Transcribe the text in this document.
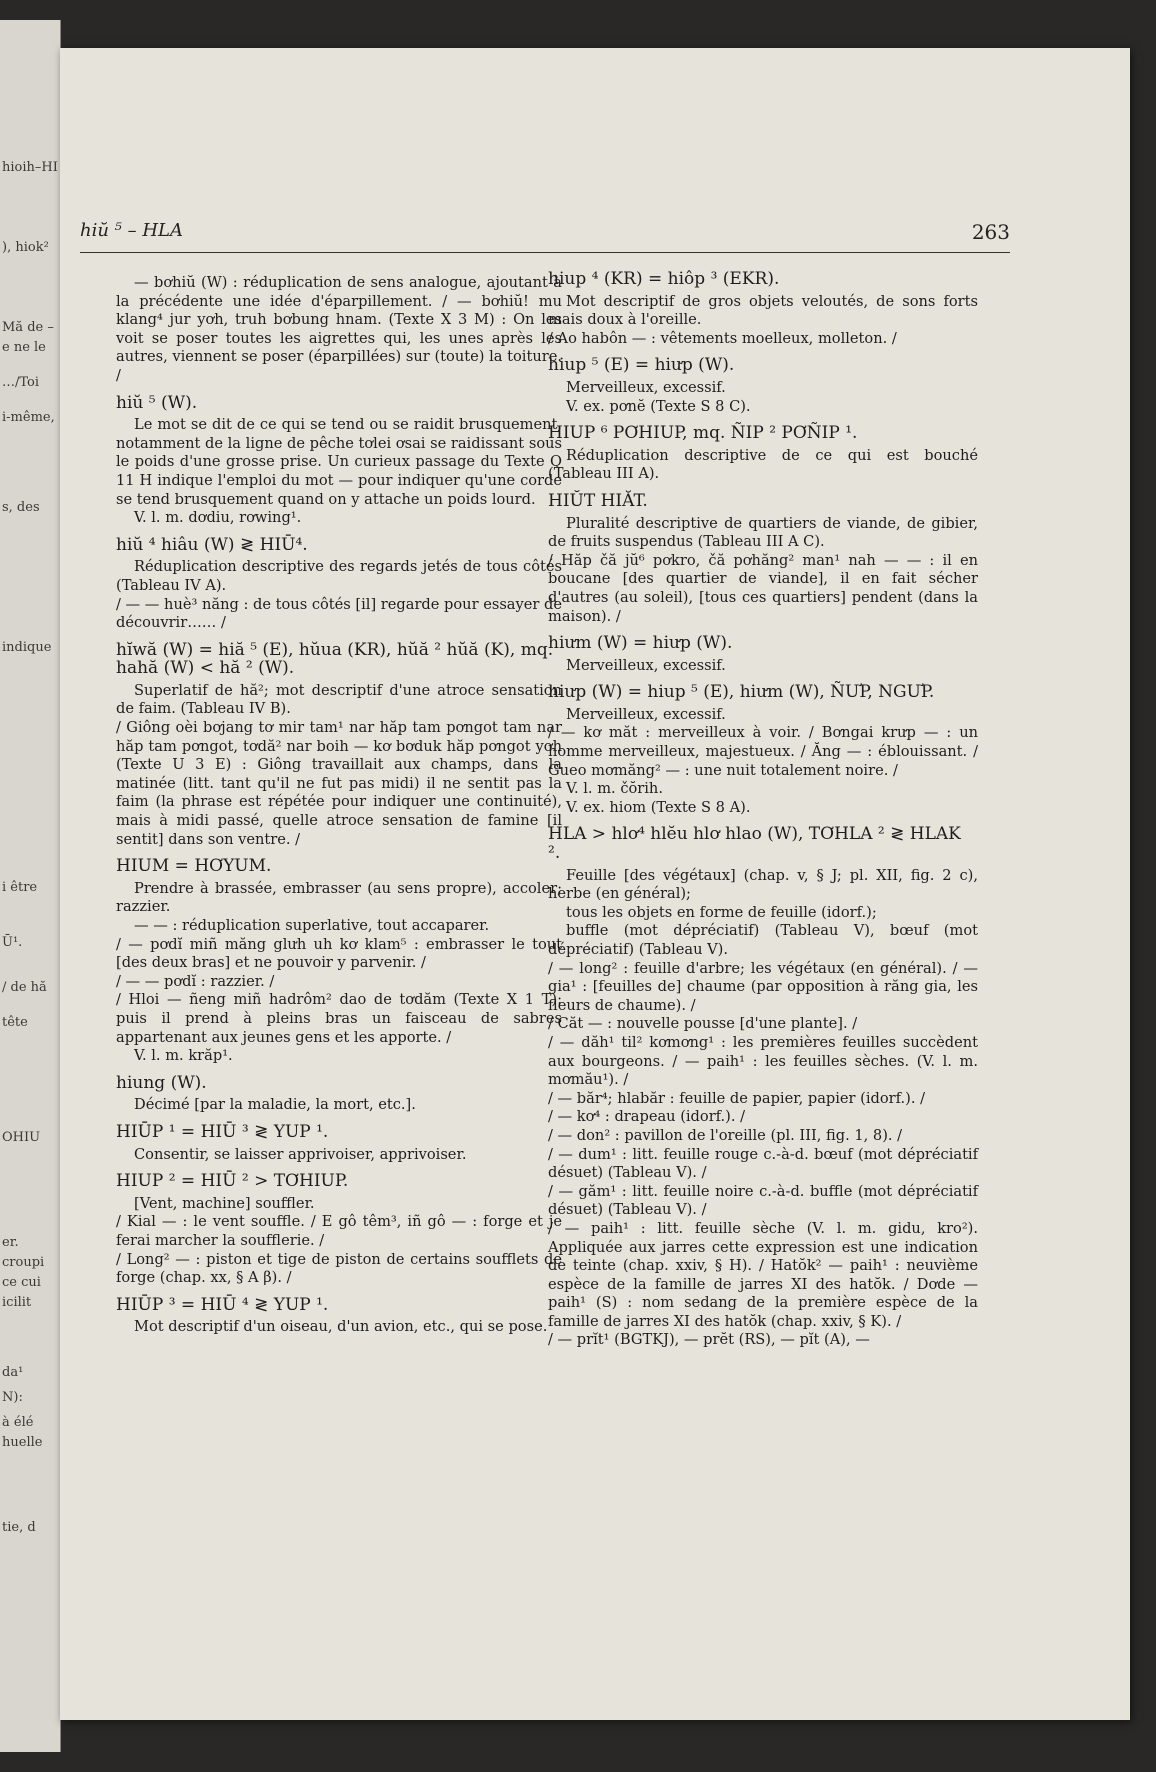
hioih–HI
), hiok²
Mă de –
e ne le
…/Toi
i-même,
s, des
indique
i être
Ū¹.
/ de hă
tête
OHIU
er.
croupi
ce cui
icilit
da¹
N):
à élé
huelle
tie, d
hiŭ ⁵ – HLA	263

— bơhiŭ (W) : réduplication de sens analogue, ajoutant à la précédente une idée d'éparpillement. / — bơhiŭ! mu klang⁴ jur yơh, truh bơbung hnam. (Texte X 3 M) : On les voit se poser toutes les aigrettes qui, les unes après les autres, viennent se poser (éparpillées) sur (toute) la toiture. /

hiŭ ⁵ (W).

Le mot se dit de ce qui se tend ou se raidit brusquement, notamment de la ligne de pêche tơlei ơsai se raidissant sous le poids d'une grosse prise. Un curieux passage du Texte Q 11 H indique l'emploi du mot — pour indiquer qu'une corde se tend brusquement quand on y attache un poids lourd.

V. l. m. dơdiu, rơwing¹.

hiŭ ⁴ hiâu (W) ≷ HIŪ⁴.

Réduplication descriptive des regards jetés de tous côtés (Tableau IV A).

/ — — huè³ năng : de tous côtés [il] regarde pour essayer de découvrir…… /

hĭwă (W) = hiă ⁵ (E), hŭua (KR), hŭă ² hŭă (K), mq. hahă (W) < hă ² (W).

Superlatif de hă²; mot descriptif d'une atroce sensation de faim. (Tableau IV B).

/ Giông oèi bơjang tơ mir tam¹ nar hăp tam pơngot tam nar hăp tam pơngot, tơdă² nar boih — kơ bơduk hăp pơngot yơh (Texte U 3 E) : Giông travaillait aux champs, dans la matinée (litt. tant qu'il ne fut pas midi) il ne sentit pas la faim (la phrase est répétée pour indiquer une continuité), mais à midi passé, quelle atroce sensation de famine [il sentit] dans son ventre. /

HIUM = HƠYUM.

Prendre à brassée, embrasser (au sens propre), accoler; razzier.

— — : réduplication superlative, tout accaparer.

/ — pơdĭ miñ măng glưh uh kơ klam⁵ : embrasser le tout [des deux bras] et ne pouvoir y parvenir. /

/ — — pơdĭ : razzier. /

/ Hloi — ñeng miñ hadrôm² dao de tơdăm (Texte X 1 T): puis il prend à pleins bras un faisceau de sabres appartenant aux jeunes gens et les apporte. /

V. l. m. krăp¹.

hiung (W).

Décimé [par la maladie, la mort, etc.].

HIŪP ¹ = HIŪ ³ ≷ YUP ¹.

Consentir, se laisser apprivoiser, apprivoiser.

HIUP ² = HIŪ ² > TƠHIUP.

[Vent, machine] souffler.

/ Kial — : le vent souffle. / E gô têm³, iñ gô — : forge et je ferai marcher la soufflerie. /

/ Long² — : piston et tige de piston de certains soufflets de forge (chap. xx, § A β). /

HIŪP ³ = HIŪ ⁴ ≷ YUP ¹.

Mot descriptif d'un oiseau, d'un avion, etc., qui se pose.

hiup ⁴ (KR) = hiôp ³ (EKR).

Mot descriptif de gros objets veloutés, de sons forts mais doux à l'oreille.

/ Ao habôn — : vêtements moelleux, molleton. /

hiup ⁵ (E) = hiưp (W).

Merveilleux, excessif.

V. ex. pơnĕ (Texte S 8 C).

HIUP ⁶ PƠHIUP, mq. ÑIP ² PƠÑIP ¹.

Réduplication descriptive de ce qui est bouché (Tableau III A).

HIŬT HIĂT.

Pluralité descriptive de quartiers de viande, de gibier, de fruits suspendus (Tableau III A C).

/ Hăp čă jŭ⁶ pơkro, čă pơhăng² man¹ nah — — : il en boucane [des quartier de viande], il en fait sécher d'autres (au soleil), [tous ces quartiers] pendent (dans la maison). /

hiưm (W) = hiưp (W).

Merveilleux, excessif.

hiưp (W) = hiup ⁵ (E), hiưm (W), ÑƯP, NGƯP.

Merveilleux, excessif.

/ — kơ măt : merveilleux à voir. / Bơngai krưp — : un homme merveilleux, majestueux. / Ăng — : éblouissant. / Gueo mơmăng² — : une nuit totalement noire. /

V. l. m. čŏrih.

V. ex. hiom (Texte S 8 A).

HLA > hlơ⁴ hlĕu hlơ hlao (W), TƠHLA ² ≷ HLAK ².

Feuille [des végétaux] (chap. v, § J; pl. XII, fig. 2 c), herbe (en général);

tous les objets en forme de feuille (idorf.);

buffle (mot dépréciatif) (Tableau V), bœuf (mot dépréciatif) (Tableau V).

/ — long² : feuille d'arbre; les végétaux (en général). / — gia¹ : [feuilles de] chaume (par opposition à răng gia, les fleurs de chaume). /

/ Căt — : nouvelle pousse [d'une plante]. /

/ — dăh¹ til² kơmơng¹ : les premières feuilles succèdent aux bourgeons. / — paih¹ : les feuilles sèches. (V. l. m. mơmău¹). /

/ — băr⁴; hlabăr : feuille de papier, papier (idorf.). /

/ — kơ⁴ : drapeau (idorf.). /

/ — don² : pavillon de l'oreille (pl. III, fig. 1, 8). /

/ — dum¹ : litt. feuille rouge c.-à-d. bœuf (mot dépréciatif désuet) (Tableau V). /

/ — găm¹ : litt. feuille noire c.-à-d. buffle (mot dépréciatif désuet) (Tableau V). /

/ — paih¹ : litt. feuille sèche (V. l. m. gidu, kro²). Appliquée aux jarres cette expression est une indication de teinte (chap. xxiv, § H). / Hatŏk² — paih¹ : neuvième espèce de la famille de jarres XI des hatŏk. / Dơde — paih¹ (S) : nom sedang de la première espèce de la famille de jarres XI des hatŏk (chap. xxiv, § K). /

/ — prĭt¹ (BGTKJ), — prĕt (RS), — pĭt (A), —
